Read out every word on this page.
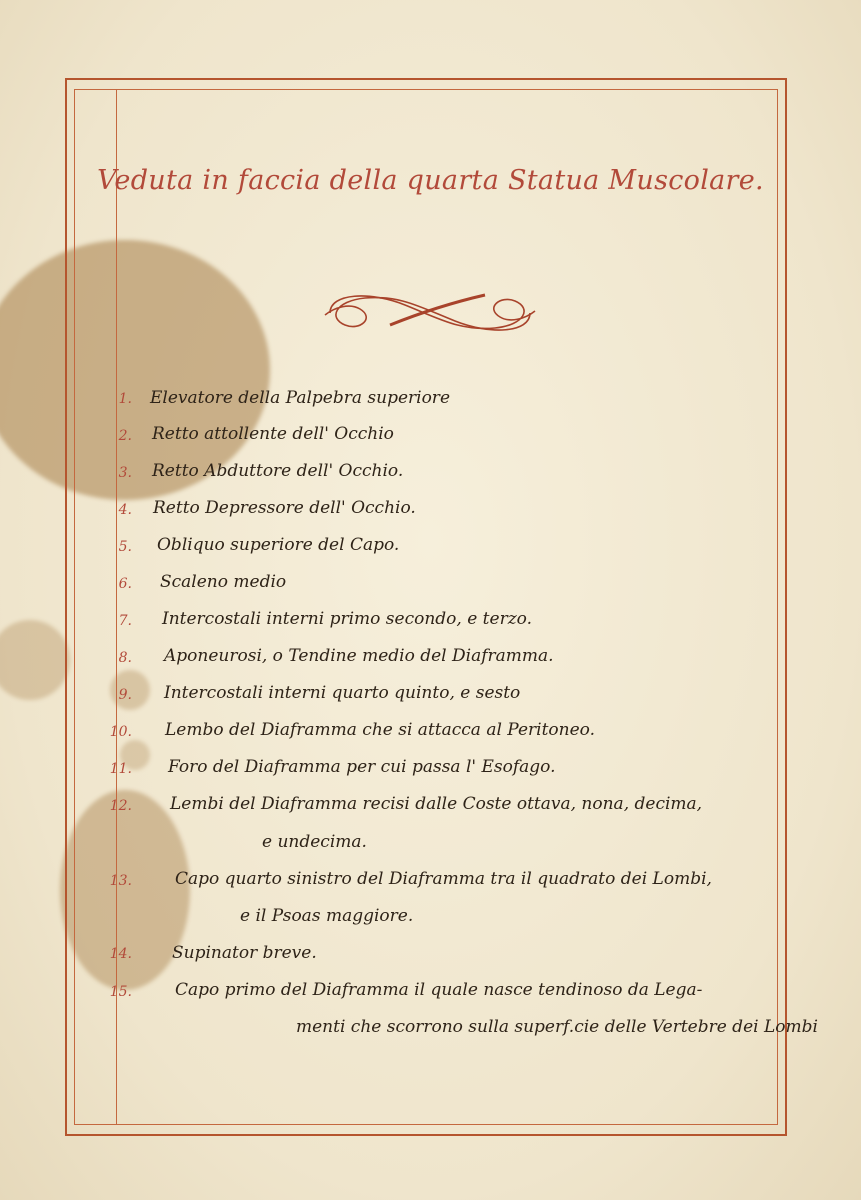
Veduta in faccia della quarta Statua Muscolare.
1. Elevatore della Palpebra superiore
2. Retto attollente dell' Occhio
3. Retto Abduttore dell' Occhio.
4. Retto Depressore dell' Occhio.
5. Obliquo superiore del Capo.
6. Scaleno medio
7. Intercostali interni primo secondo, e terzo.
8. Aponeurosi, o Tendine medio del Diaframma.
9. Intercostali interni quarto quinto, e sesto
10. Lembo del Diaframma che si attacca al Peritoneo.
11. Foro del Diaframma per cui passa l' Esofago.
12. Lembi del Diaframma recisi dalle Coste ottava, nona, decima,
e undecima.
13.	Capo quarto sinistro del Diaframma tra il quadrato dei Lombi,
e il Psoas maggiore.
14. Supinator breve.
15.	Capo primo del Diaframma il quale nasce tendinoso da Lega-
menti che scorrono sulla superf.cie delle Vertebre dei Lombi
